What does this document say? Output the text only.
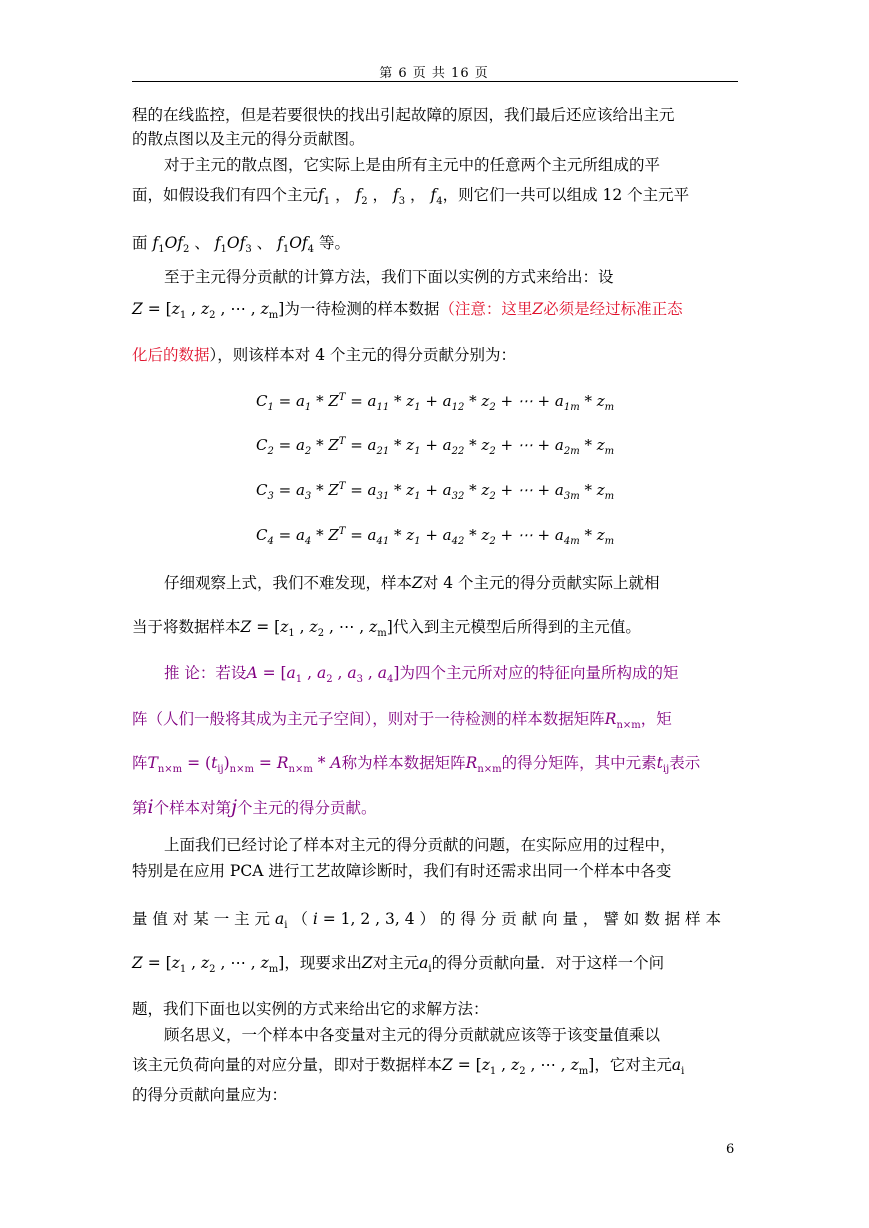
第 6 页 共 16 页
程的在线监控，但是若要很快的找出引起故障的原因，我们最后还应该给出主元
的散点图以及主元的得分贡献图。
对于主元的散点图，它实际上是由所有主元中的任意两个主元所组成的平
面，如假设我们有四个主元$f_1$ ， $f_2$ ， $f_3$ ， $f_4$，则它们一共可以组成 12 个主元平
面 $f_1Of_2$ 、 $f_1Of_3$ 、 $f_1Of_4$ 等。
至于主元得分贡献的计算方法，我们下面以实例的方式来给出：设
$Z = [z_1$ , $z_2$ , ⋯ , $z_m$]为一待检测的样本数据（注意：这里Z必须是经过标准正态
化后的数据），则该样本对 4 个主元的得分贡献分别为：
$C_1 = a_1 * Z^T = a_{11} * z_1 + a_{12} * z_2$ + ⋯ + $a_{1m} * z_m$
$C_2 = a_2 * Z^T = a_{21} * z_1 + a_{22} * z_2$ + ⋯ + $a_{2m} * z_m$
$C_3 = a_3 * Z^T = a_{31} * z_1 + a_{32} * z_2$ + ⋯ + $a_{3m} * z_m$
$C_4 = a_4 * Z^T = a_{41} * z_1 + a_{42} * z_2$ + ⋯ + $a_{4m} * z_m$
仔细观察上式，我们不难发现，样本Z对 4 个主元的得分贡献实际上就相
当于将数据样本$Z = [z_1$ , $z_2$ , ⋯ , $z_m$]代入到主元模型后所得到的主元值。
推 论：若设$A = [a_1$ , $a_2$ , $a_3$ , $a_4$]为四个主元所对应的特征向量所构成的矩
阵（人们一般将其成为主元子空间），则对于一待检测的样本数据矩阵$R_{n\times m}$，矩
阵$T_{n\times m} = (t_{ij})_{n\times m} = R_{n\times m} * A$称为样本数据矩阵$R_{n\times m}$的得分矩阵，其中元素$t_{ij}$表示
第i个样本对第j个主元的得分贡献。
上面我们已经讨论了样本对主元的得分贡献的问题，在实际应用的过程中，
特别是在应用 PCA 进行工艺故障诊断时，我们有时还需求出同一个样本中各变
量 值 对 某 一 主 元 $a_i$ （ i = 1, 2 , 3, 4 ） 的 得 分 贡 献 向 量 ， 譬 如 数 据 样 本
$Z = [z_1$ , $z_2$ , ⋯ , $z_m$]，现要求出Z对主元$a_i$的得分贡献向量．对于这样一个问
题，我们下面也以实例的方式来给出它的求解方法：
顾名思义，一个样本中各变量对主元的得分贡献就应该等于该变量值乘以
该主元负荷向量的对应分量，即对于数据样本$Z = [z_1$ , $z_2$ , ⋯ , $z_m$]，它对主元$a_i$
的得分贡献向量应为：
6
